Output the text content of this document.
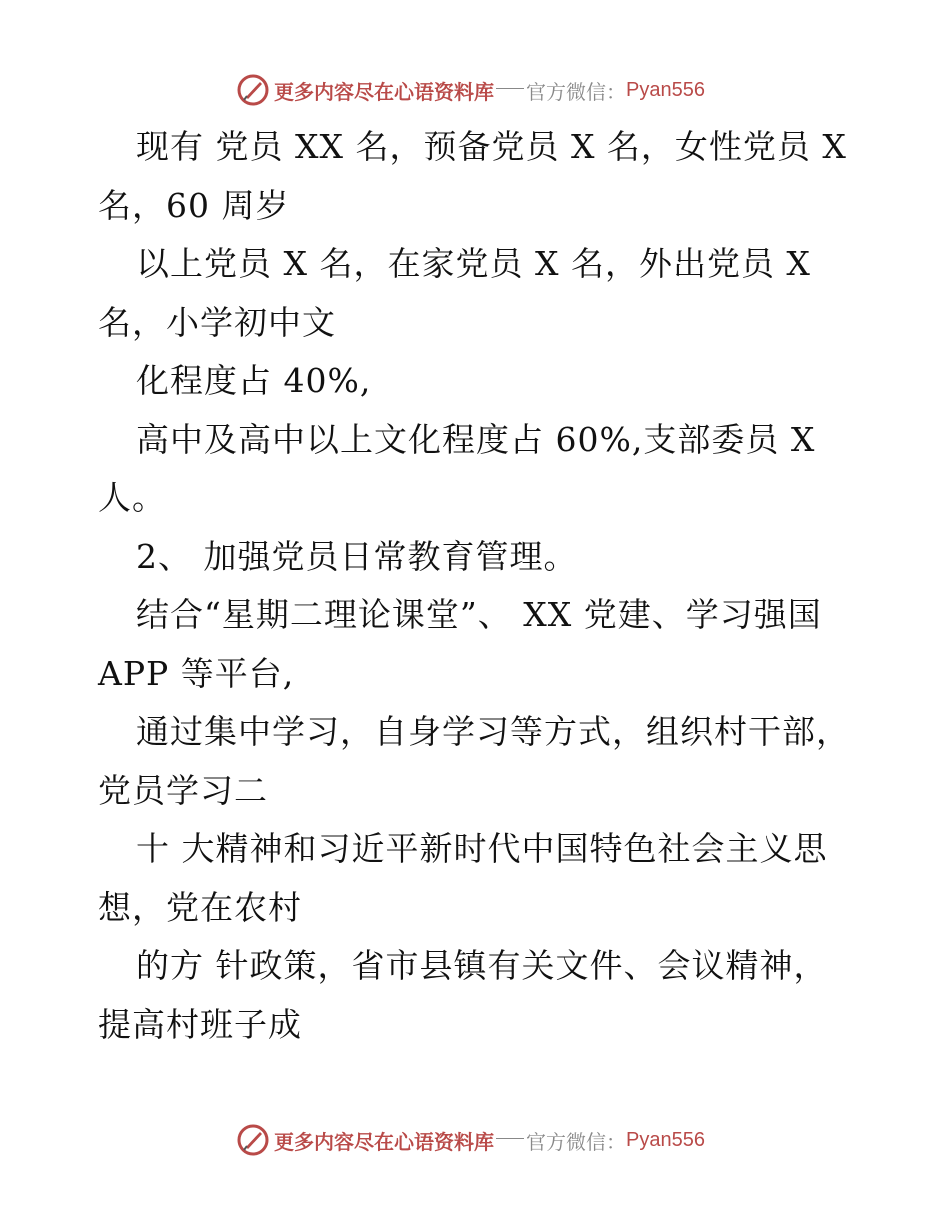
更多内容尽在心语资料库 官方微信： Pyan556
现有 党员 XX 名，预备党员 X 名，女性党员 X
名，60 周岁
以上党员 X 名，在家党员 X 名，外出党员 X
名，小学初中文
化程度占 40%,
高中及高中以上文化程度占 60%,支部委员 X
人。
2、 加强党员日常教育管理。
结合“星期二理论课堂”、 XX 党建、学习强国
APP 等平台,
通过集中学习，自身学习等方式，组织村干部，
党员学习二
十 大精神和习近平新时代中国特色社会主义思
想，党在农村
的方 针政策，省市县镇有关文件、会议精神，
提高村班子成
更多内容尽在心语资料库 官方微信： Pyan556
